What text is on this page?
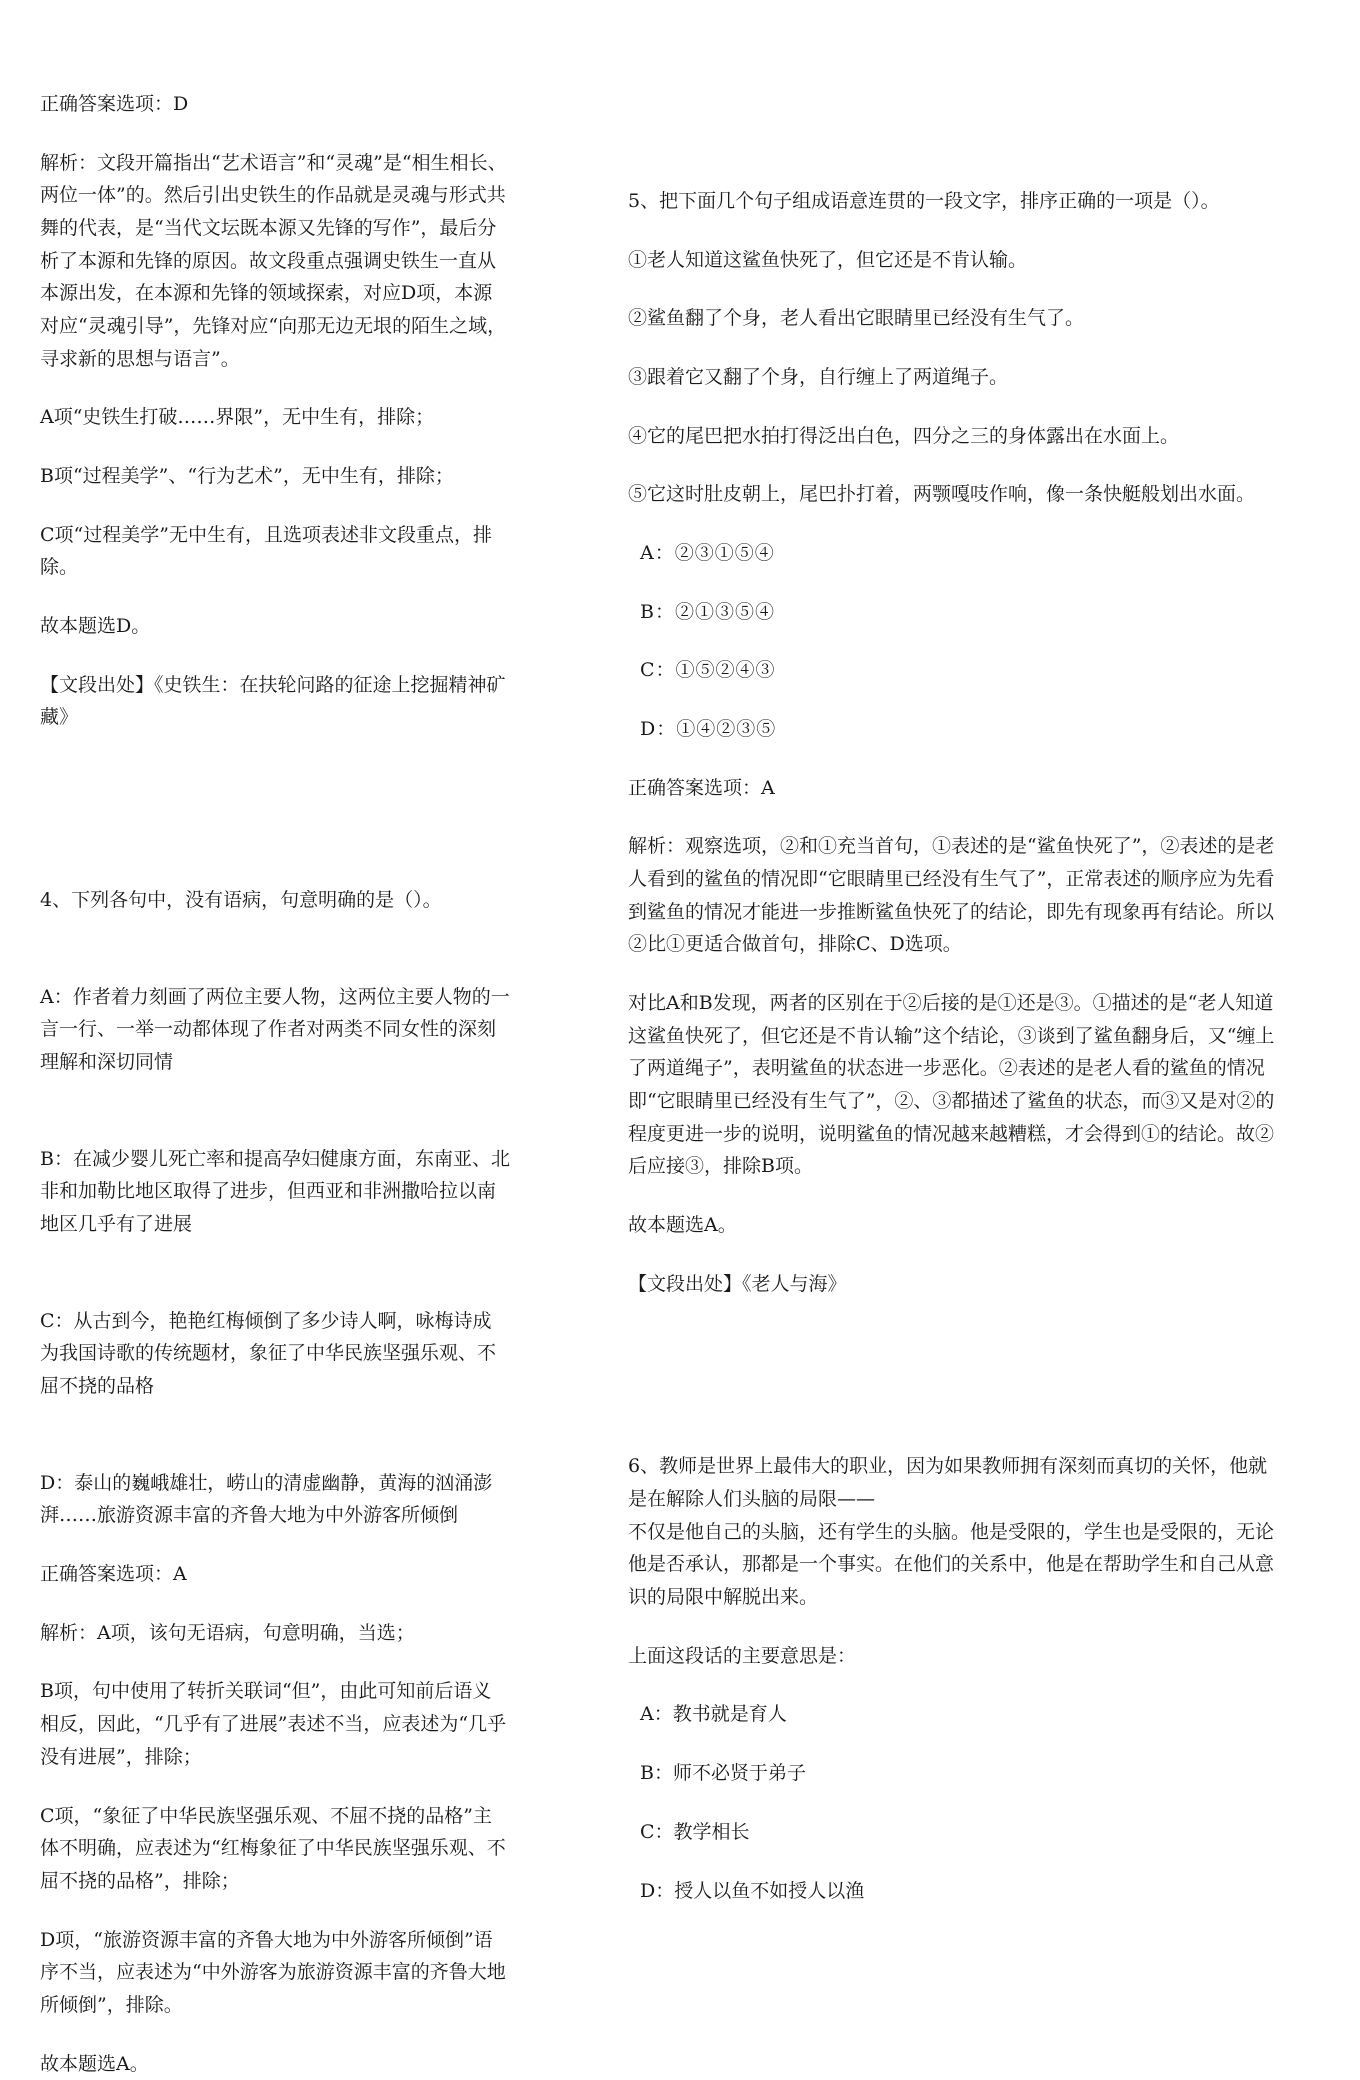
正确答案选项：D

解析：文段开篇指出“艺术语言”和“灵魂”是“相生相长、两位一体”的。然后引出史铁生的作品就是灵魂与形式共舞的代表，是“当代文坛既本源又先锋的写作”，最后分析了本源和先锋的原因。故文段重点强调史铁生一直从本源出发，在本源和先锋的领域探索，对应D项，本源对应“灵魂引导”，先锋对应“向那无边无垠的陌生之域，寻求新的思想与语言”。

A项“史铁生打破……界限”，无中生有，排除；

B项“过程美学”、“行为艺术”，无中生有，排除；

C项“过程美学”无中生有，且选项表述非文段重点，排除。

故本题选D。

【文段出处】《史铁生：在扶轮问路的征途上挖掘精神矿藏》

4、下列各句中，没有语病，句意明确的是（）。

A：作者着力刻画了两位主要人物，这两位主要人物的一言一行、一举一动都体现了作者对两类不同女性的深刻理解和深切同情

B：在减少婴儿死亡率和提高孕妇健康方面，东南亚、北非和加勒比地区取得了进步，但西亚和非洲撒哈拉以南地区几乎有了进展

C：从古到今，艳艳红梅倾倒了多少诗人啊，咏梅诗成为我国诗歌的传统题材，象征了中华民族坚强乐观、不屈不挠的品格

D：泰山的巍峨雄壮，崂山的清虚幽静，黄海的汹涌澎湃……旅游资源丰富的齐鲁大地为中外游客所倾倒

正确答案选项：A

解析：A项，该句无语病，句意明确，当选；

B项，句中使用了转折关联词“但”，由此可知前后语义相反，因此，“几乎有了进展”表述不当，应表述为“几乎没有进展”，排除；

C项，“象征了中华民族坚强乐观、不屈不挠的品格”主体不明确，应表述为“红梅象征了中华民族坚强乐观、不屈不挠的品格”，排除；

D项，“旅游资源丰富的齐鲁大地为中外游客所倾倒”语序不当，应表述为“中外游客为旅游资源丰富的齐鲁大地所倾倒”，排除。

故本题选A。

5、把下面几个句子组成语意连贯的一段文字，排序正确的一项是（）。

①老人知道这鲨鱼快死了，但它还是不肯认输。

②鲨鱼翻了个身，老人看出它眼睛里已经没有生气了。

③跟着它又翻了个身，自行缠上了两道绳子。

④它的尾巴把水拍打得泛出白色，四分之三的身体露出在水面上。

⑤它这时肚皮朝上，尾巴扑打着，两颚嘎吱作响，像一条快艇般划出水面。

A：②③①⑤④

B：②①③⑤④

C：①⑤②④③

D：①④②③⑤

正确答案选项：A

解析：观察选项，②和①充当首句，①表述的是“鲨鱼快死了”，②表述的是老人看到的鲨鱼的情况即“它眼睛里已经没有生气了”，正常表述的顺序应为先看到鲨鱼的情况才能进一步推断鲨鱼快死了的结论，即先有现象再有结论。所以②比①更适合做首句，排除C、D选项。

对比A和B发现，两者的区别在于②后接的是①还是③。①描述的是“老人知道这鲨鱼快死了，但它还是不肯认输”这个结论，③谈到了鲨鱼翻身后，又“缠上了两道绳子”，表明鲨鱼的状态进一步恶化。②表述的是老人看的鲨鱼的情况即“它眼睛里已经没有生气了”，②、③都描述了鲨鱼的状态，而③又是对②的程度更进一步的说明，说明鲨鱼的情况越来越糟糕，才会得到①的结论。故②后应接③，排除B项。

故本题选A。

【文段出处】《老人与海》

6、教师是世界上最伟大的职业，因为如果教师拥有深刻而真切的关怀，他就是在解除人们头脑的局限——

不仅是他自己的头脑，还有学生的头脑。他是受限的，学生也是受限的，无论他是否承认，那都是一个事实。在他们的关系中，他是在帮助学生和自己从意识的局限中解脱出来。

上面这段话的主要意思是：

A：教书就是育人

B：师不必贤于弟子

C：教学相长

D：授人以鱼不如授人以渔
